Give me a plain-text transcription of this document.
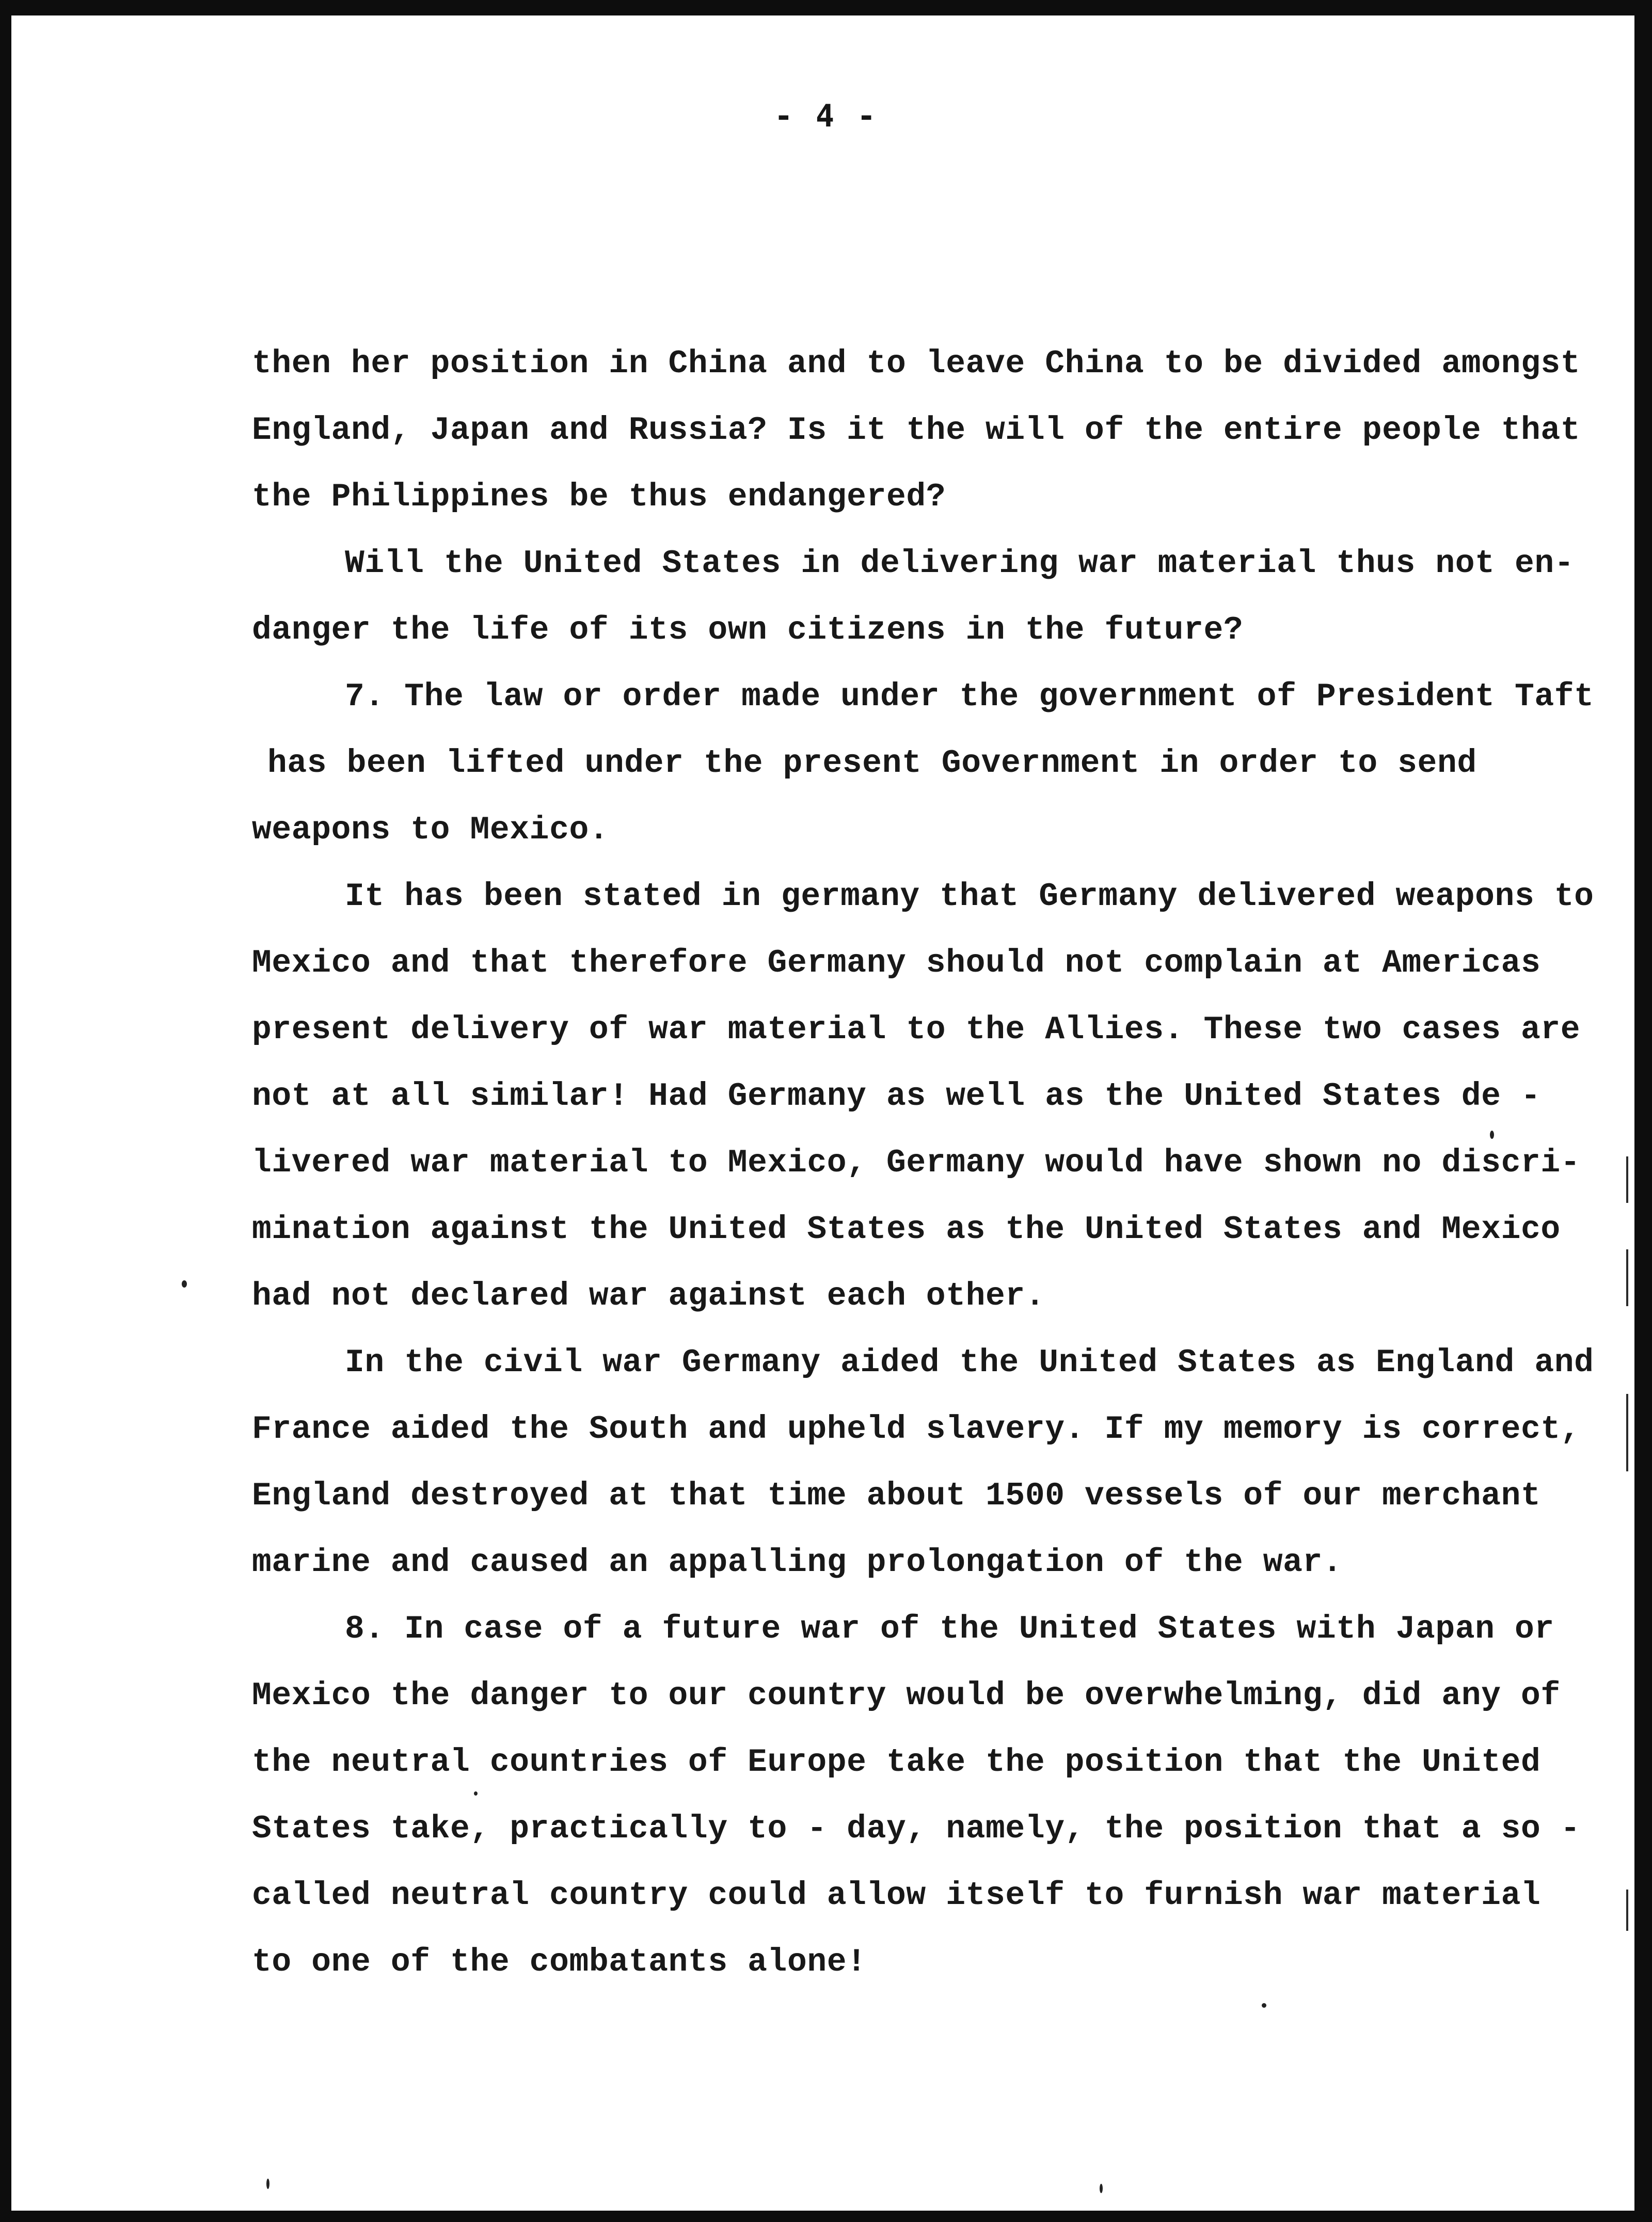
- 4 -
then her position in China and to leave China to be divided amongst
England, Japan and Russia? Is it the will of the entire people that
the Philippines be thus endangered?
Will the United States in delivering war material thus not en-
danger the life of its own citizens in the future?
7. The law or order made under the government of President Taft
has been lifted under the present Government in order to send
weapons to Mexico.
It has been stated in germany that Germany delivered weapons to
Mexico and that therefore Germany should not complain at Americas
present delivery of war material to the Allies. These two cases are
not at all similar! Had Germany as well as the United States de -
livered war material to Mexico, Germany would have shown no discri-
mination against the United States as the United States and Mexico
had not declared war against each other.
In the civil war Germany aided the United States as England and
France aided the South and upheld slavery. If my memory is correct,
England destroyed at that time about 1500 vessels of our merchant
marine and caused an appalling prolongation of the war.
8. In case of a future war of the United States with Japan or
Mexico the danger to our country would be overwhelming, did any of
the neutral countries of Europe take the position that the United
States take, practically to - day, namely, the position that a so -
called neutral country could allow itself to furnish war material
to one of the combatants alone!
